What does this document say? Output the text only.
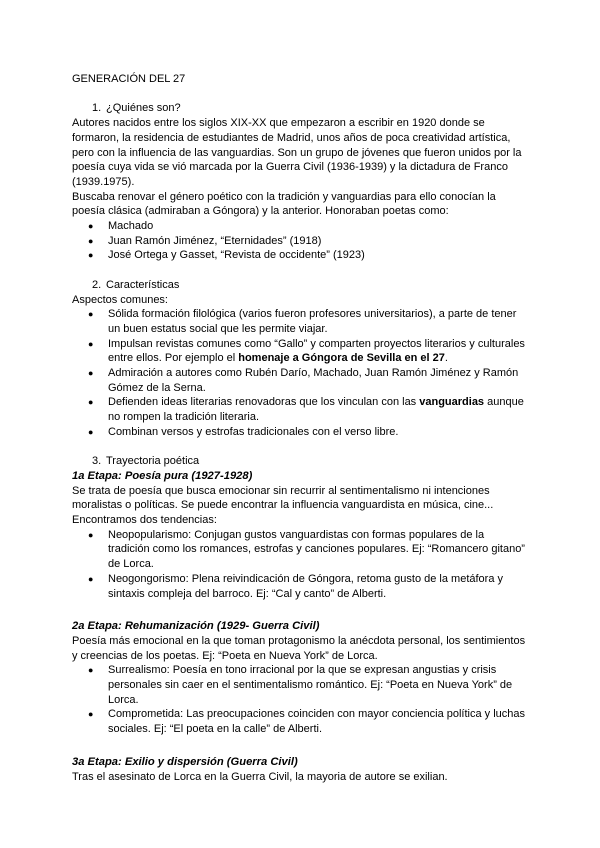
GENERACIÓN DEL 27

1. ¿Quiénes son?

Autores nacidos entre los siglos XIX-XX que empezaron a escribir en 1920 donde se formaron, la residencia de estudiantes de Madrid, unos años de poca creatividad artística, pero con la influencia de las vanguardias. Son un grupo de jóvenes que fueron unidos por la poesía cuya vida se vió marcada por la Guerra Civil (1936-1939) y la dictadura de Franco (1939.1975).

Buscaba renovar el género poético con la tradición y vanguardias para ello conocían la poesía clásica (admiraban a Góngora) y la anterior. Honoraban poetas como:

● Machado
● Juan Ramón Jiménez, “Eternidades” (1918)
● José Ortega y Gasset, “Revista de occidente” (1923)

2. Características

Aspectos comunes:

● Sólida formación filológica (varios fueron profesores universitarios), a parte de tener un buen estatus social que les permite viajar.
● Impulsan revistas comunes como “Gallo” y comparten proyectos literarios y culturales entre ellos. Por ejemplo el homenaje a Góngora de Sevilla en el 27.
● Admiración a autores como Rubén Darío, Machado, Juan Ramón Jiménez y Ramón Gómez de la Serna.
● Defienden ideas literarias renovadoras que los vinculan con las vanguardias aunque no rompen la tradición literaria.
● Combinan versos y estrofas tradicionales con el verso libre.

3. Trayectoria poética

1a Etapa: Poesía pura (1927-1928)

Se trata de poesía que busca emocionar sin recurrir al sentimentalismo ni intenciones moralistas o políticas. Se puede encontrar la influencia vanguardista en música, cine...

Encontramos dos tendencias:

● Neopopularismo: Conjugan gustos vanguardistas con formas populares de la tradición como los romances, estrofas y canciones populares. Ej: “Romancero gitano” de Lorca.
● Neogongorismo: Plena reivindicación de Góngora, retoma gusto de la metáfora y sintaxis compleja del barroco. Ej: “Cal y canto” de Alberti.

2a Etapa: Rehumanización (1929- Guerra Civil)

Poesía más emocional en la que toman protagonismo la anécdota personal, los sentimientos y creencias de los poetas. Ej: “Poeta en Nueva York” de Lorca.

● Surrealismo: Poesía en tono irracional por la que se expresan angustias y crisis personales sin caer en el sentimentalismo romántico. Ej: “Poeta en Nueva York” de Lorca.
● Comprometida: Las preocupaciones coinciden con mayor conciencia política y luchas sociales. Ej: “El poeta en la calle” de Alberti.

3a Etapa: Exilio y dispersión (Guerra Civil)

Tras el asesinato de Lorca en la Guerra Civil, la mayoria de autore se exilian.
